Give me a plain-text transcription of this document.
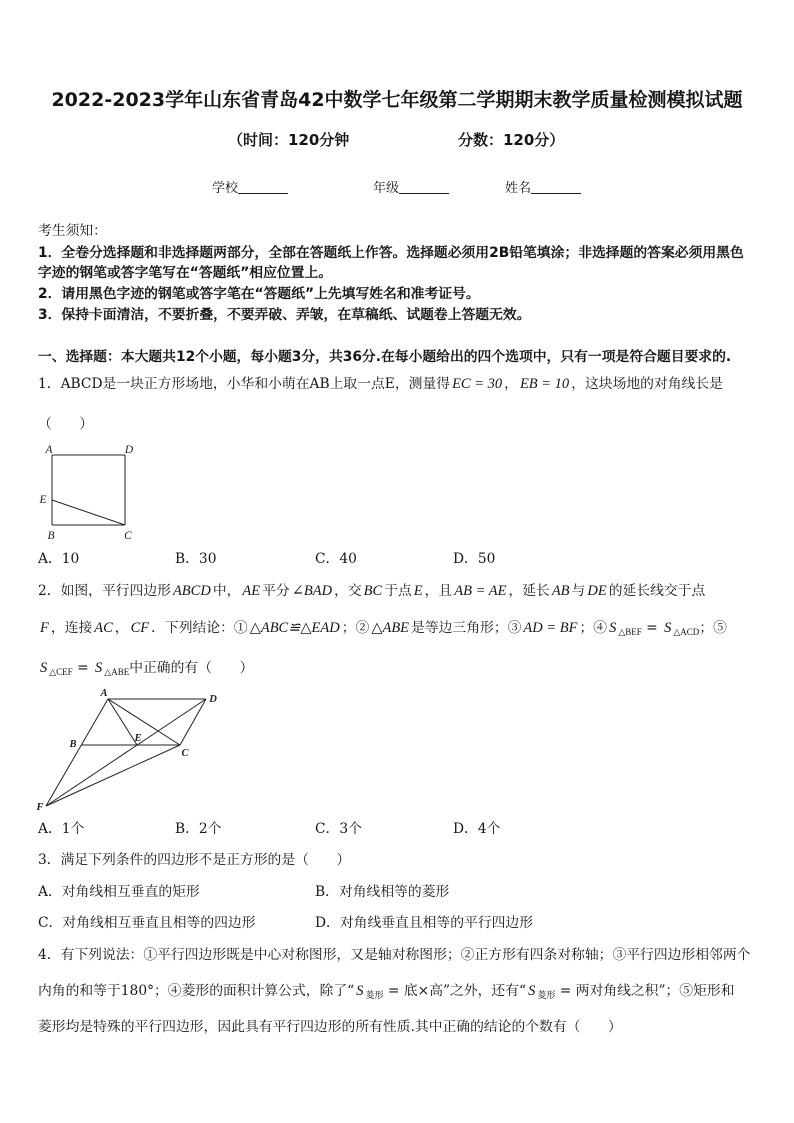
2022-2023学年山东省青岛42中数学七年级第二学期期末教学质量检测模拟试题
（时间：120分钟	分数：120分）
学校	年级	姓名
考生须知：
1．全卷分选择题和非选择题两部分，全部在答题纸上作答。选择题必须用2B铅笔填涂；非选择题的答案必须用黑色
字迹的钢笔或答字笔写在“答题纸”相应位置上。
2．请用黑色字迹的钢笔或答字笔在“答题纸”上先填写姓名和准考证号。
3．保持卡面清洁，不要折叠，不要弄破、弄皱，在草稿纸、试题卷上答题无效。
一、选择题：本大题共12个小题，每小题3分，共36分.在每小题给出的四个选项中，只有一项是符合题目要求的.
1．ABCD是一块正方形场地，小华和小萌在AB上取一点E，测量得 EC = 30 ， EB = 10 ，这块场地的对角线长是
（　　）
A	D
E
B	C
A．10	B．30	C．40	D．50
2．如图，平行四边形 ABCD 中， AE 平分 ∠BAD ，交 BC 于点 E ，且 AB = AE ，延长 AB 与 DE 的延长线交于点
F ，连接 AC ， CF ．下列结论：① △ABC≌△EAD ；② △ABE 是等边三角形；③ AD = BF ；④ S $_{\triangle BEF}$ = S $_{\triangle ACD}$；⑤
S $_{\triangle CEF}$ = S $_{\triangle ABE}$中正确的有（　　）
A
D
B
E
C
F
A．1个	B．2个	C．3个	D．4个
3．满足下列条件的四边形不是正方形的是（　　）
A．对角线相互垂直的矩形	B．对角线相等的菱形
C．对角线相互垂直且相等的四边形	D．对角线垂直且相等的平行四边形
4．有下列说法：①平行四边形既是中心对称图形，又是轴对称图形；②正方形有四条对称轴；③平行四边形相邻两个
内角的和等于180°；④菱形的面积计算公式，除了“ S $_{菱形}$ = 底×高”之外，还有“ S $_{菱形}$ = 两对角线之积”；⑤矩形和
菱形均是特殊的平行四边形，因此具有平行四边形的所有性质.其中正确的结论的个数有（　　）
